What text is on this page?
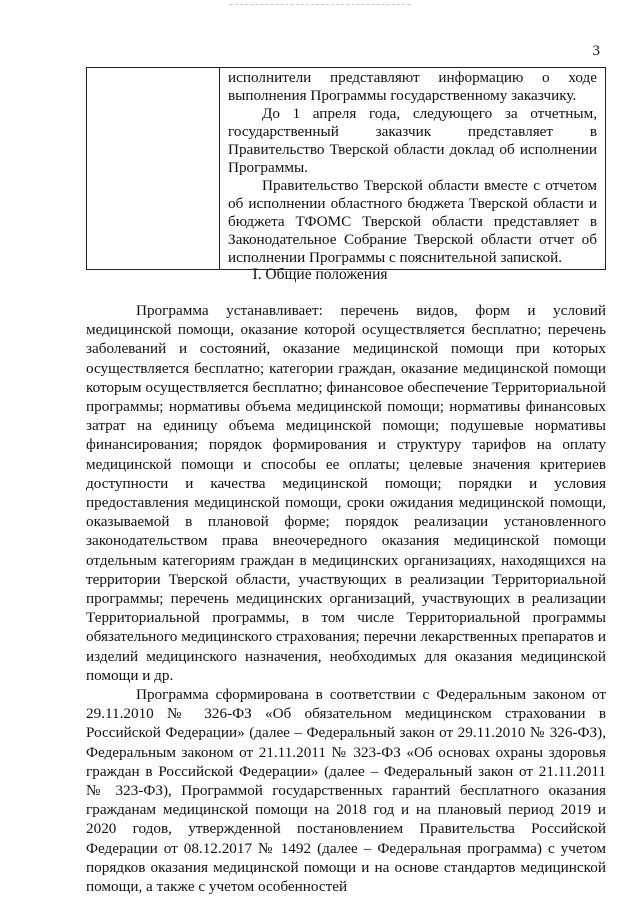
3

исполнители представляют информацию о ходе выполнения Программы государственному заказчику.

До 1 апреля года, следующего за отчетным, государственный заказчик представляет в Правительство Тверской области доклад об исполнении Программы.

Правительство Тверской области вместе с отчетом об исполнении областного бюджета Тверской области и бюджета ТФОМС Тверской области представляет в Законодательное Собрание Тверской области отчет об исполнении Программы с пояснительной запиской.

I. Общие положения

Программа устанавливает: перечень видов, форм и условий медицинской помощи, оказание которой осуществляется бесплатно; перечень заболеваний и состояний, оказание медицинской помощи при которых осуществляется бесплатно; категории граждан, оказание медицинской помощи которым осуществляется бесплатно; финансовое обеспечение Территориальной программы; нормативы объема медицинской помощи; нормативы финансовых затрат на единицу объема медицинской помощи; подушевые нормативы финансирования; порядок формирования и структуру тарифов на оплату медицинской помощи и способы ее оплаты; целевые значения критериев доступности и качества медицинской помощи; порядки и условия предоставления медицинской помощи, сроки ожидания медицинской помощи, оказываемой в плановой форме; порядок реализации установленного законодательством права внеочередного оказания медицинской помощи отдельным категориям граждан в медицинских организациях, находящихся на территории Тверской области, участвующих в реализации Территориальной программы; перечень медицинских организаций, участвующих в реализации Территориальной программы, в том числе Территориальной программы обязательного медицинского страхования; перечни лекарственных препаратов и изделий медицинского назначения, необходимых для оказания медицинской помощи и др.

Программа сформирована в соответствии с Федеральным законом от 29.11.2010 № 326-ФЗ «Об обязательном медицинском страховании в Российской Федерации» (далее – Федеральный закон от 29.11.2010 № 326-ФЗ), Федеральным законом от 21.11.2011 № 323-ФЗ «Об основах охраны здоровья граждан в Российской Федерации» (далее – Федеральный закон от 21.11.2011 № 323-ФЗ), Программой государственных гарантий бесплатного оказания гражданам медицинской помощи на 2018 год и на плановый период 2019 и 2020 годов, утвержденной постановлением Правительства Российской Федерации от 08.12.2017 № 1492 (далее – Федеральная программа) с учетом порядков оказания медицинской помощи и на основе стандартов медицинской помощи, а также с учетом особенностей
